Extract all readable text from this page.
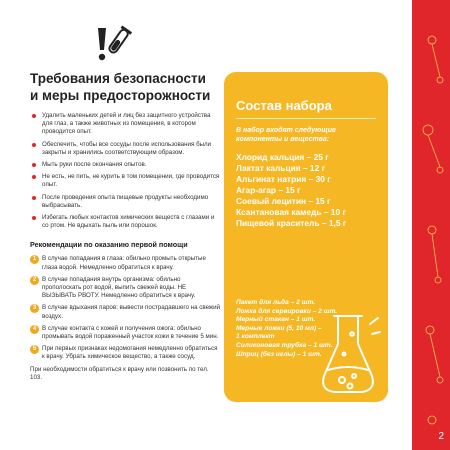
2
Требования безопасности
и меры предосторожности
Удалить маленьких детей и лиц без защитного устройства для глаз, а также животных из помещения, в котором проводится опыт.
Обеспечить, чтобы все сосуды после использования были закрыты и хранились соответствующим образом.
Мыть руки после окончания опытов.
Не есть, не пить, не курить в том помещении, где проводится опыт.
После проведения опыта пищевые продукты необходимо выбрасывать.
Избегать любых контактов химических веществ с глазами и со ртом. Не вдыхать пыль или порошок.
Рекомендации по оказанию первой помощи
1 В случае попадания в глаза: обильно промыть открытые глаза водой. Немедленно обратиться к врачу.
2 В случае попадания внутрь организма: обильно прополоскать рот водой, выпить свежей воды. НЕ ВЫЗЫВАТЬ РВОТУ. Немедленно обратиться к врачу.
3 В случае вдыхания паров: вывести пострадавшего на свежий воздух.
4 В случае контакта с кожей и получения ожога: обильно промывать водой пораженный участок кожи в течение 5 мин.
5 При первых признаках недомогания немедленно обратиться к врачу. Убрать химическое вещество, а также сосуд.
При необходимости обратиться к врачу или позвонить по тел. 103.
Состав набора
В набор входят следующие компоненты и вещества:
Хлорид кальция – 25 г
Лактат кальция – 12 г
Альгинат натрия – 30 г
Агар-агар – 15 г
Соевый лецитин – 15 г
Ксантановая камедь – 10 г
Пищевой краситель – 1,5 г
Пакет для льда – 2 шт.
Ложка для сервировки – 2 шт.
Мерный стакан – 1 шт.
Мерные ложки (5, 10 мл) –
1 комплект
Силиконовая трубка – 1 шт.
Шприц (без иглы) – 1 шт.
